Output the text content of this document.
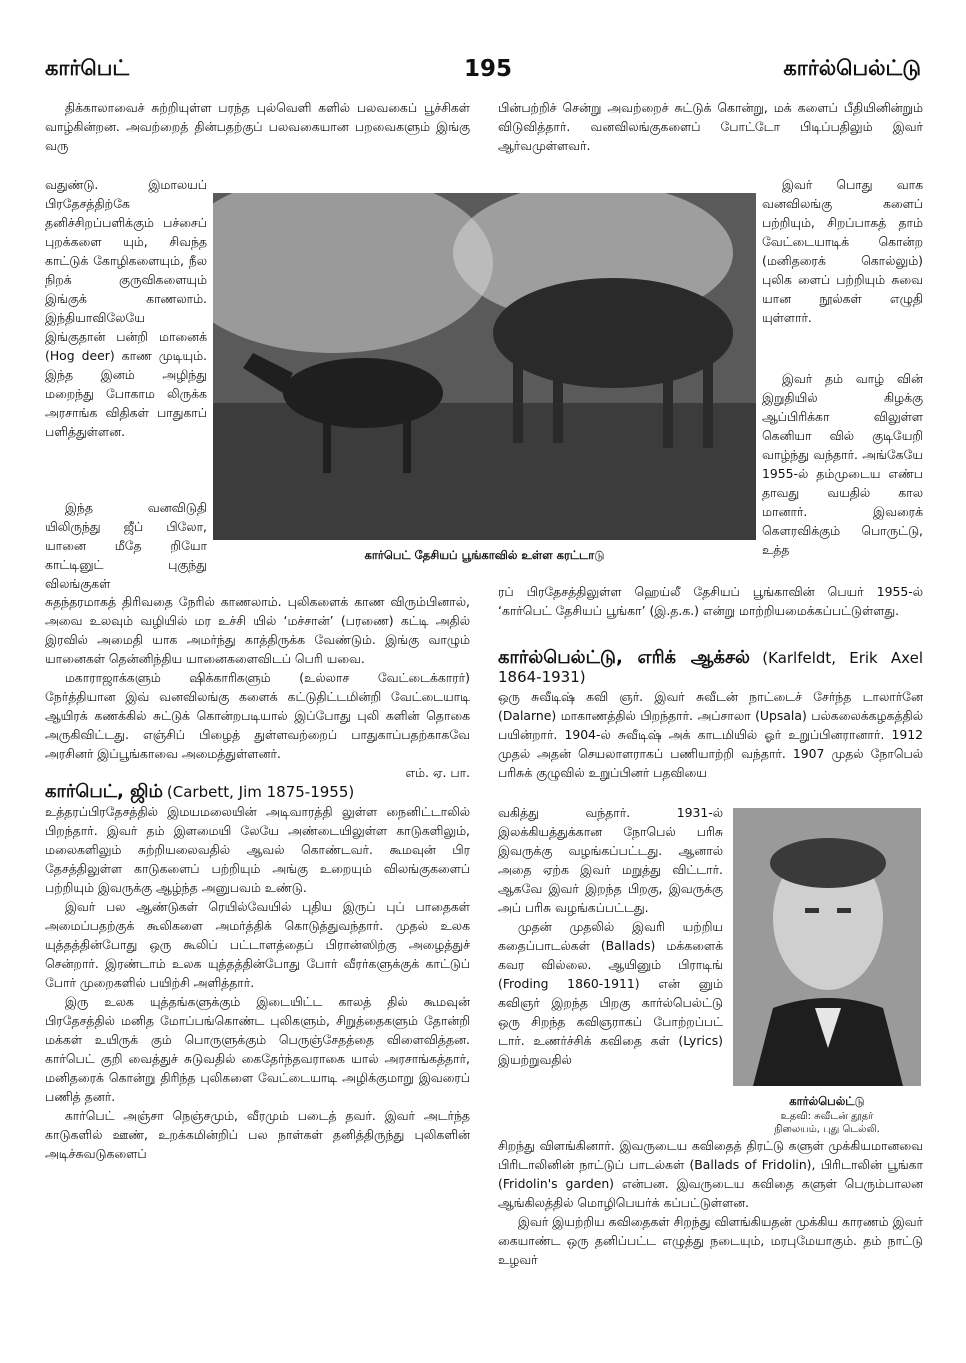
கார்பெட்	195	கார்ல்பெல்ட்டு

திக்காலாவைச் சுற்றியுள்ள பரந்த புல்வெளி களில் பலவகைப் பூச்சிகள் வாழ்கின்றன. அவற்றைத் தின்பதற்குப் பலவகையான பறவைகளும் இங்கு வரு

வதுண்டு. இமாலயப் பிரதேசத்திற்கே தனிச்சிறப்பளிக்கும் பச்சைப் புறக்களை யும், சிவந்த காட்டுக் கோழிகளையும், நீல நிறக் குருவிகளையும் இங்குக் காணலாம். இந்தியாவிலேயே இங்குதான் பன்றி மானைக் (Hog deer) காண முடியும். இந்த இனம் அழிந்து மறைந்து போகாம லிருக்க அரசாங்க விதிகள் பாதுகாப் பளித்துள்ளன.

இந்த வனவிடுதி யிலிருந்து ஜீப் பிலோ, யானை மீதே றியோ காட்டினுட் புகுந்து விலங்குகள்

சுதந்தரமாகத் திரிவதை நேரில் காணலாம். புலிகளைக் காண விரும்பினால், அவை உலவும் வழியில் மர உச்சி யில் ‘மச்சான்’ (பரணை) கட்டி அதில் இரவில் அமைதி யாக அமர்ந்து காத்திருக்க வேண்டும். இங்கு வாழும் யானைகள் தென்னிந்திய யானைகளைவிடப் பெரி யவை.

மகாராஜாக்களும் ஷிக்காரிகளும் (உல்லாச வேட்டைக்காரர்) நேர்த்தியான இவ் வனவிலங்கு களைக் கட்டுதிட்டமின்றி வேட்டையாடி ஆயிரக் கணக்கில் சுட்டுக் கொன்றபடியால் இப்போது புலி களின் தொகை அருகிவிட்டது. எஞ்சிப் பிழைத் துள்ளவற்றைப் பாதுகாப்பதற்காகவே அரசினர் இப்பூங்காவை அமைத்துள்ளனர்.

எம். ஏ. பா.

கார்பெட், ஜிம் (Carbett, Jim 1875-1955)

உத்தரப்பிரதேசத்தில் இமயமலையின் அடிவாரத்தி லுள்ள நைனிட்டாலில் பிறந்தார். இவர் தம் இளமையி லேயே அண்டையிலுள்ள காடுகளிலும், மலைகளிலும் சுற்றியலைவதில் ஆவல் கொண்டவர். கூமவுன் பிர தேசத்திலுள்ள காடுகளைப் பற்றியும் அங்கு உறையும் விலங்குகளைப் பற்றியும் இவருக்கு ஆழ்ந்த அனுபவம் உண்டு.

இவர் பல ஆண்டுகள் ரெயில்வேயில் புதிய இருப் புப் பாதைகள் அமைப்பதற்குக் கூலிகளை அமர்த்திக் கொடுத்துவந்தார். முதல் உலக யுத்தத்தின்போது ஒரு கூலிப் பட்டாளத்தைப் பிரான்ஸிற்கு அழைத்துச் சென்றார். இரண்டாம் உலக யுத்தத்தின்போது போர் வீரர்களுக்குக் காட்டுப் போர் முறைகளில் பயிற்சி அளித்தார்.

இரு உலக யுத்தங்களுக்கும் இடையிட்ட காலத் தில் கூமவுன் பிரதேசத்தில் மனித மோப்பங்கொண்ட புலிகளும், சிறுத்தைகளும் தோன்றி மக்கள் உயிருக் கும் பொருளுக்கும் பெருஞ்சேதத்தை விளைவித்தன. கார்பெட் குறி வைத்துச் சுடுவதில் கைதேர்ந்தவராகை யால் அரசாங்கத்தார், மனிதரைக் கொன்று திரிந்த புலிகளை வேட்டையாடி அழிக்குமாறு இவரைப் பணித் தனர்.

கார்பெட் அஞ்சா நெஞ்சமும், வீரமும் படைத் தவர். இவர் அடர்ந்த காடுகளில் ஊண், உறக்கமின்றிப் பல நாள்கள் தனித்திருந்து புலிகளின் அடிச்சுவடுகளைப்

கார்பெட் தேசியப் பூங்காவில் உள்ள கரட்டாடு

பின்பற்றிச் சென்று அவற்றைச் சுட்டுக் கொன்று, மக் களைப் பீதியினின்றும் விடுவித்தார். வனவிலங்குகளைப் போட்டோ பிடிப்பதிலும் இவர் ஆர்வமுள்ளவர்.

இவர் பொது வாக வனவிலங்கு களைப் பற்றியும், சிறப்பாகத் தாம் வேட்டையாடிக் கொன்ற (மனிதரைக் கொல்லும்) புலிக ளைப் பற்றியும் சுவை யான நூல்கள் எழுதி யுள்ளார்.

இவர் தம் வாழ் வின் இறுதியில் கிழக்கு ஆப்பிரிக்கா விலுள்ள கெனியா வில் குடியேறி வாழ்ந்து வந்தார். அங்கேயே 1955-ல் தம்முடைய எண்ப தாவது வயதில் கால மானார். இவரைக் கௌரவிக்கும் பொருட்டு, உத்த

ரப் பிரதேசத்திலுள்ள ஹெய்லீ தேசியப் பூங்காவின் பெயர் 1955-ல் ‘கார்பெட் தேசியப் பூங்கா’ (இ.த.க.) என்று மாற்றியமைக்கப்பட்டுள்ளது.

கார்ல்பெல்ட்டு, எரிக் ஆக்சல் (Karlfeldt, Erik Axel 1864-1931)

ஒரு சுவீடிஷ் கவி ஞர். இவர் சுவீடன் நாட்டைச் சேர்ந்த டாலார்னே (Dalarne) மாகாணத்தில் பிறந்தார். அப்சாலா (Upsala) பல்கலைக்கழகத்தில் பயின்றார். 1904-ல் சுவீடிஷ் அக் காடமியில் ஓர் உறுப்பினரானார். 1912 முதல் அதன் செயலாளராகப் பணியாற்றி வந்தார். 1907 முதல் நோபெல் பரிசுக் குழுவில் உறுப்பினர் பதவியை

வகித்து வந்தார். 1931-ல் இலக்கியத்துக்கான நோபெல் பரிசு இவருக்கு வழங்கப்பட்டது. ஆனால் அதை ஏற்க இவர் மறுத்து விட்டார். ஆகவே இவர் இறந்த பிறகு, இவருக்கு அப் பரிசு வழங்கப்பட்டது.

முதன் முதலில் இவரி யற்றிய கதைப்பாடல்கள் (Ballads) மக்களைக் கவர வில்லை. ஆயினும் பிராடிங் (Froding 1860-1911) என் னும் கவிஞர் இறந்த பிறகு கார்ல்பெல்ட்டு ஒரு சிறந்த கவிஞராகப் போற்றப்பட் டார். உணர்ச்சிக் கவிதை கள் (Lyrics) இயற்றுவதில்

சிறந்து விளங்கினார். இவருடைய கவிதைத் திரட்டு களுள் முக்கியமானவை பிரிடாலினின் நாட்டுப் பாடல்கள் (Ballads of Fridolin), பிரிடாலின் பூங்கா (Fridolin's garden) என்பன. இவருடைய கவிதை களுள் பெரும்பாலன ஆங்கிலத்தில் மொழிபெயர்க் கப்பட்டுள்ளன.

இவர் இயற்றிய கவிதைகள் சிறந்து விளங்கியதன் முக்கிய காரணம் இவர் கையாண்ட ஒரு தனிப்பட்ட எழுத்து நடையும், மரபுமேயாகும். தம் நாட்டு உழவர்

கார்ல்பெல்ட்டு
உதவி: சுவீடன் தூதர்
நிலையம், புது டெல்லி.
